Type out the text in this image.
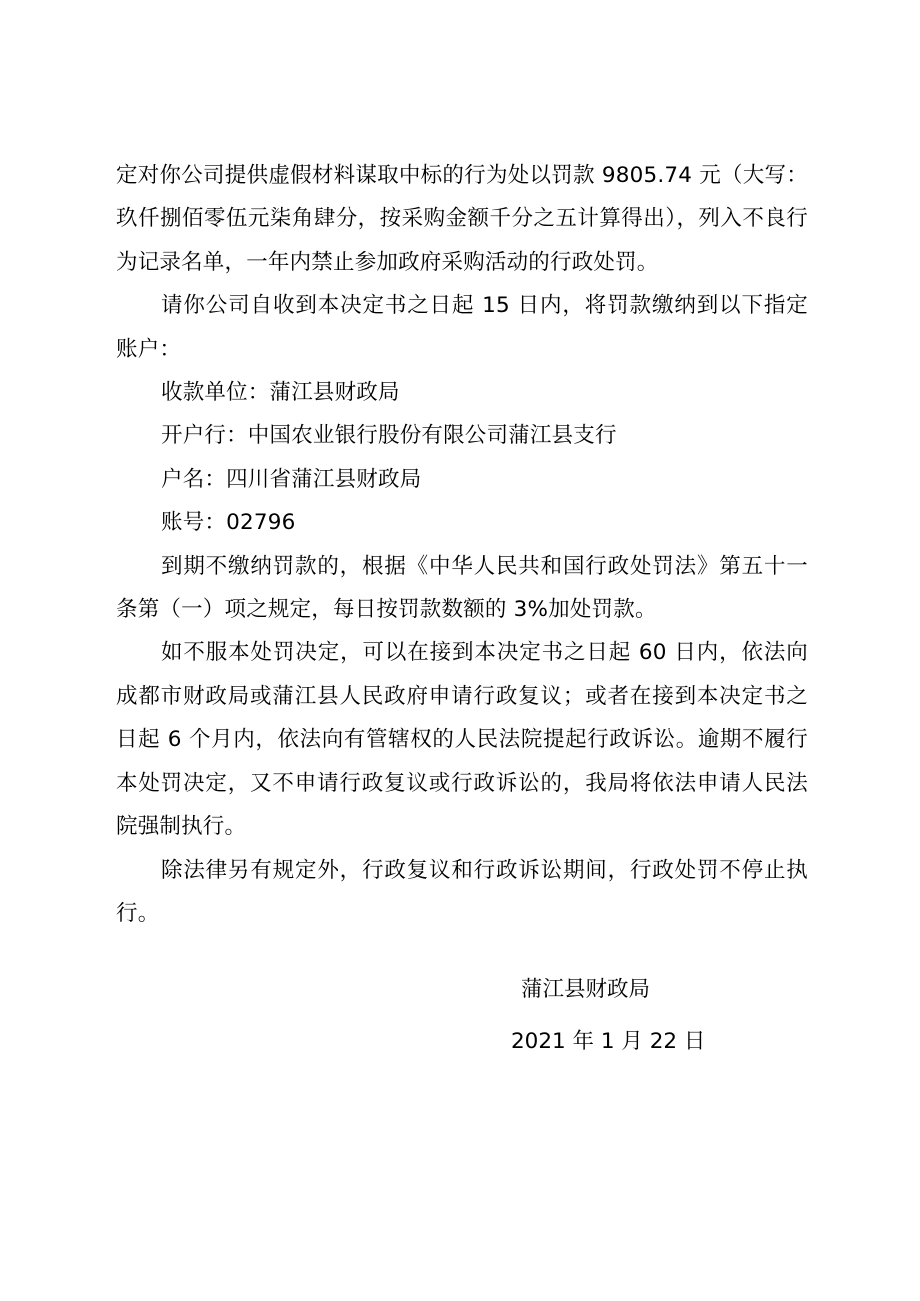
定对你公司提供虚假材料谋取中标的行为处以罚款 9805.74 元（大写：玖仟捌佰零伍元柒角肆分，按采购金额千分之五计算得出），列入不良行为记录名单，一年内禁止参加政府采购活动的行政处罚。

请你公司自收到本决定书之日起 15 日内，将罚款缴纳到以下指定账户：

收款单位：蒲江县财政局

开户行：中国农业银行股份有限公司蒲江县支行

户名：四川省蒲江县财政局

账号：02796

到期不缴纳罚款的，根据《中华人民共和国行政处罚法》第五十一条第（一）项之规定，每日按罚款数额的 3%加处罚款。

如不服本处罚决定，可以在接到本决定书之日起 60 日内，依法向成都市财政局或蒲江县人民政府申请行政复议；或者在接到本决定书之日起 6 个月内，依法向有管辖权的人民法院提起行政诉讼。逾期不履行本处罚决定，又不申请行政复议或行政诉讼的，我局将依法申请人民法院强制执行。

除法律另有规定外，行政复议和行政诉讼期间，行政处罚不停止执行。

蒲江县财政局
2021 年 1 月 22 日
